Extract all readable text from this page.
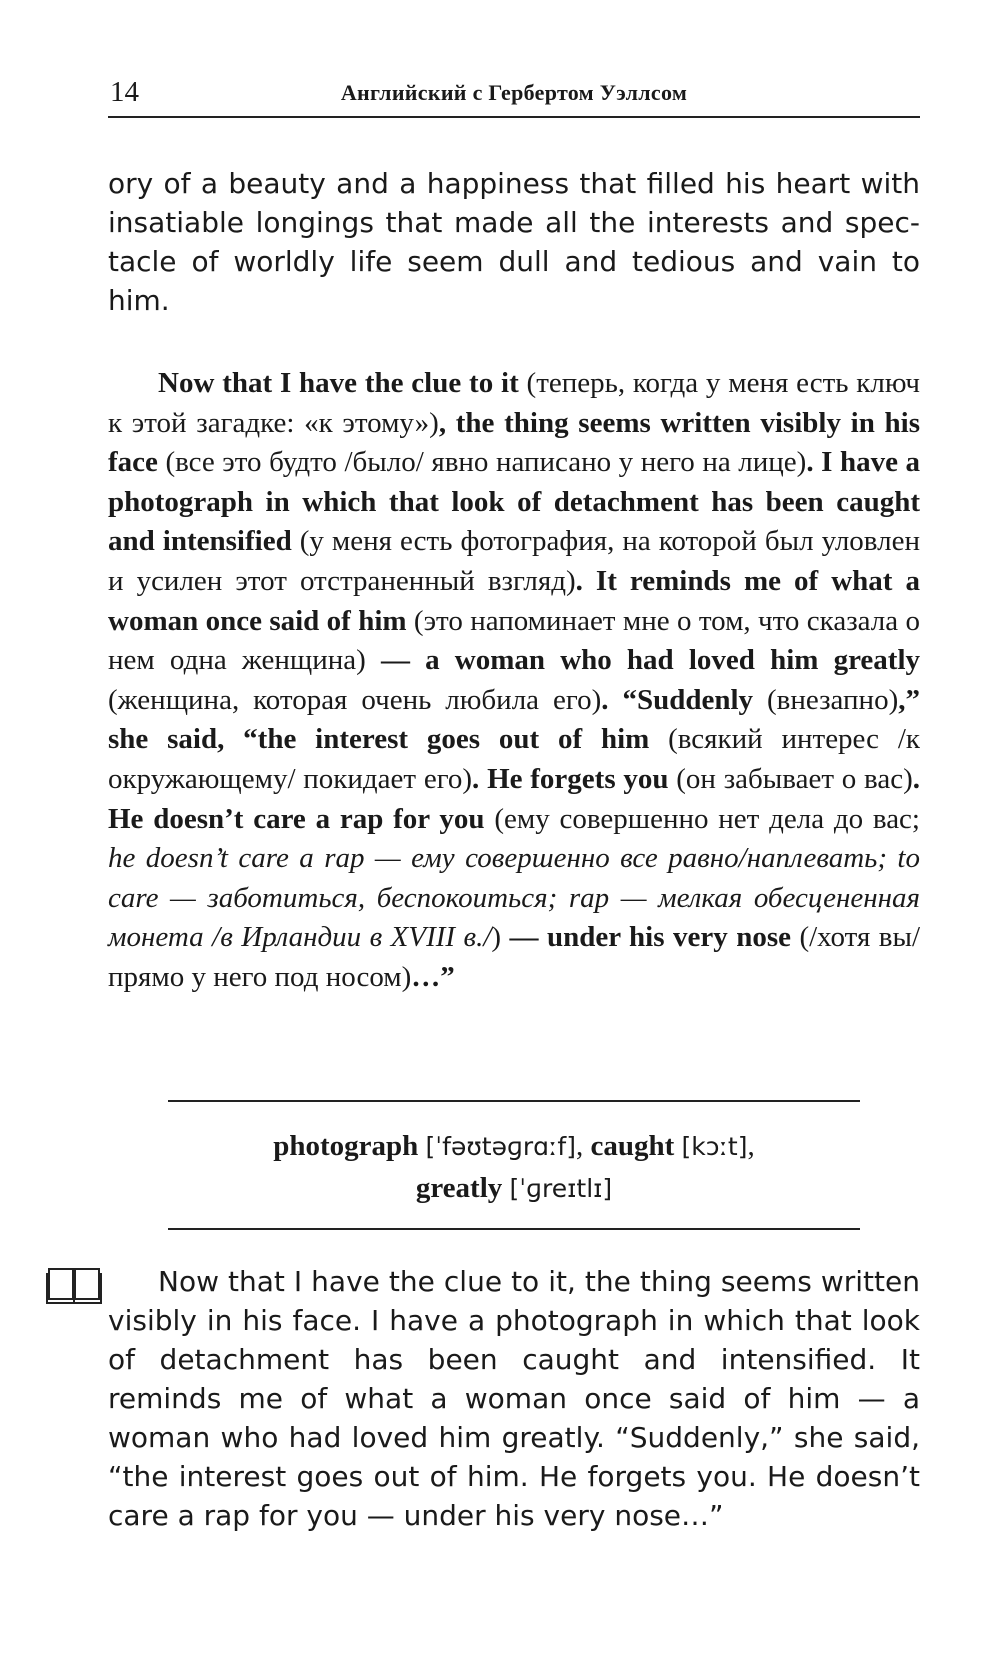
14	Английский с Гербертом Уэллсом

ory of a beauty and a happiness that filled his heart with insatiable longings that made all the interests and spectacle of worldly life seem dull and tedious and vain to him.

Now that I have the clue to it (теперь, когда у меня есть ключ к этой загадке: «к этому»), the thing seems written visibly in his face (все это будто /было/ явно написано у него на лице). I have a photograph in which that look of detachment has been caught and intensified (у меня есть фотография, на которой был уловлен и усилен этот отстраненный взгляд). It reminds me of what a woman once said of him (это напоминает мне о том, что сказала о нем одна женщина) — a woman who had loved him greatly (женщина, которая очень любила его). “Suddenly (внезапно),” she said, “the interest goes out of him (всякий интерес /к окружающему/ покидает его). He forgets you (он забывает о вас). He doesn’t care a rap for you (ему совершенно нет дела до вас; he doesn’t care a rap — ему совершенно все равно/наплевать; to care — заботиться, беспокоиться; rap — мелкая обесцененная монета /в Ирландии в XVIII в./) — under his very nose (/хотя вы/ прямо у него под носом)…”

photograph [ˈfəʊtəɡrɑːf], caught [kɔːt],
greatly [ˈɡreɪtlɪ]

Now that I have the clue to it, the thing seems written visibly in his face. I have a photograph in which that look of detachment has been caught and intensified. It reminds me of what a woman once said of him — a woman who had loved him greatly. “Suddenly,” she said, “the interest goes out of him. He forgets you. He doesn’t care a rap for you — under his very nose…”
